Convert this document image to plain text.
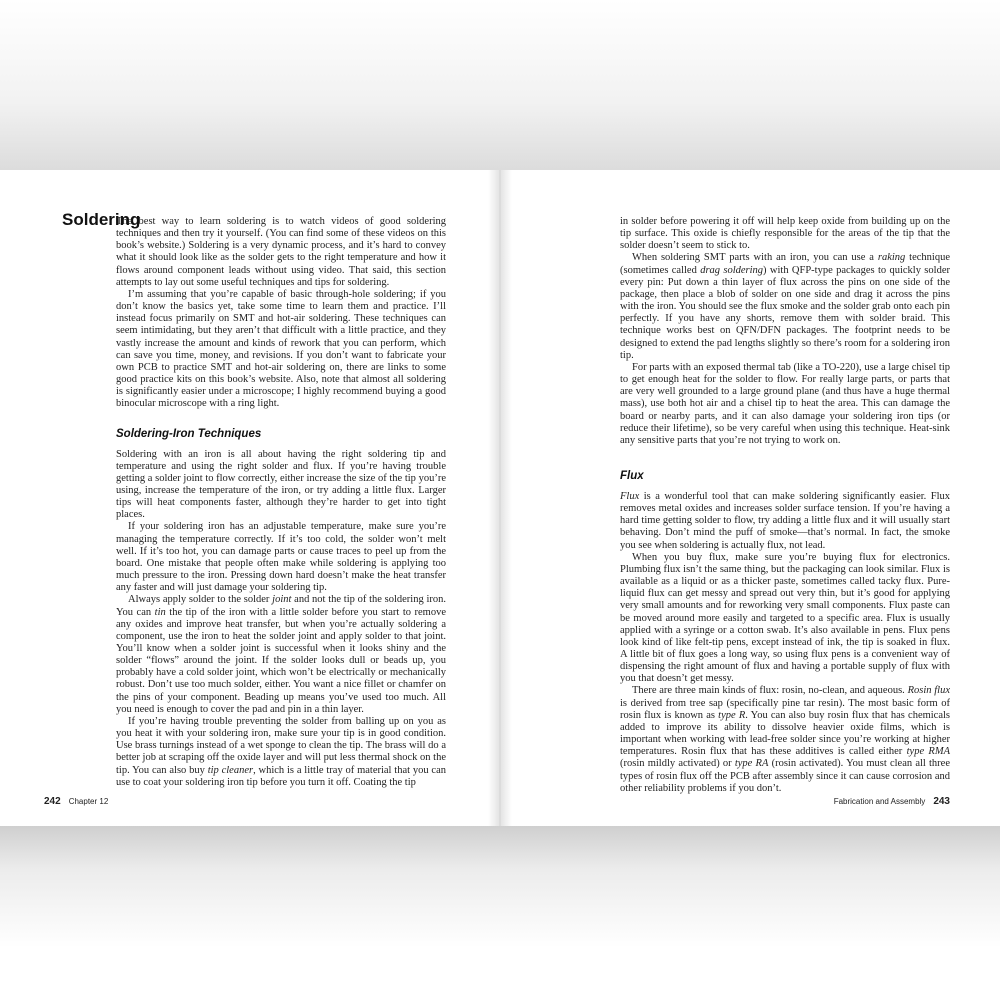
Soldering

The best way to learn soldering is to watch videos of good soldering techniques and then try it yourself. (You can find some of these videos on this book’s website.) Soldering is a very dynamic process, and it’s hard to convey what it should look like as the solder gets to the right temperature and how it flows around component leads without using video. That said, this section attempts to lay out some useful techniques and tips for soldering.

I’m assuming that you’re capable of basic through-hole soldering; if you don’t know the basics yet, take some time to learn them and practice. I’ll instead focus primarily on SMT and hot-air soldering. These techniques can seem intimidating, but they aren’t that difficult with a little practice, and they vastly increase the amount and kinds of rework that you can perform, which can save you time, money, and revisions. If you don’t want to fabricate your own PCB to practice SMT and hot-air soldering on, there are links to some good practice kits on this book’s website. Also, note that almost all soldering is significantly easier under a microscope; I highly recommend buying a good binocular microscope with a ring light.

Soldering-Iron Techniques

Soldering with an iron is all about having the right soldering tip and temperature and using the right solder and flux. If you’re having trouble getting a solder joint to flow correctly, either increase the size of the tip you’re using, increase the temperature of the iron, or try adding a little flux. Larger tips will heat components faster, although they’re harder to get into tight places.

If your soldering iron has an adjustable temperature, make sure you’re managing the temperature correctly. If it’s too cold, the solder won’t melt well. If it’s too hot, you can damage parts or cause traces to peel up from the board. One mistake that people often make while soldering is applying too much pressure to the iron. Pressing down hard doesn’t make the heat transfer any faster and will just damage your soldering tip.

Always apply solder to the solder joint and not the tip of the soldering iron. You can tin the tip of the iron with a little solder before you start to remove any oxides and improve heat transfer, but when you’re actually soldering a component, use the iron to heat the solder joint and apply solder to that joint. You’ll know when a solder joint is successful when it looks shiny and the solder “flows” around the joint. If the solder looks dull or beads up, you probably have a cold solder joint, which won’t be electrically or mechanically robust. Don’t use too much solder, either. You want a nice fillet or chamfer on the pins of your component. Beading up means you’ve used too much. All you need is enough to cover the pad and pin in a thin layer.

If you’re having trouble preventing the solder from balling up on you as you heat it with your soldering iron, make sure your tip is in good condition. Use brass turnings instead of a wet sponge to clean the tip. The brass will do a better job at scraping off the oxide layer and will put less thermal shock on the tip. You can also buy tip cleaner, which is a little tray of material that you can use to coat your soldering iron tip before you turn it off. Coating the tip

242 Chapter 12

in solder before powering it off will help keep oxide from building up on the tip surface. This oxide is chiefly responsible for the areas of the tip that the solder doesn’t seem to stick to.

When soldering SMT parts with an iron, you can use a raking technique (sometimes called drag soldering) with QFP-type packages to quickly solder every pin: Put down a thin layer of flux across the pins on one side of the package, then place a blob of solder on one side and drag it across the pins with the iron. You should see the flux smoke and the solder grab onto each pin perfectly. If you have any shorts, remove them with solder braid. This technique works best on QFN/DFN packages. The footprint needs to be designed to extend the pad lengths slightly so there’s room for a soldering iron tip.

For parts with an exposed thermal tab (like a TO-220), use a large chisel tip to get enough heat for the solder to flow. For really large parts, or parts that are very well grounded to a large ground plane (and thus have a huge thermal mass), use both hot air and a chisel tip to heat the area. This can damage the board or nearby parts, and it can also damage your soldering iron tips (or reduce their lifetime), so be very careful when using this technique. Heat-sink any sensitive parts that you’re not trying to work on.

Flux

Flux is a wonderful tool that can make soldering significantly easier. Flux removes metal oxides and increases solder surface tension. If you’re having a hard time getting solder to flow, try adding a little flux and it will usually start behaving. Don’t mind the puff of smoke—that’s normal. In fact, the smoke you see when soldering is actually flux, not lead.

When you buy flux, make sure you’re buying flux for electronics. Plumbing flux isn’t the same thing, but the packaging can look similar. Flux is available as a liquid or as a thicker paste, sometimes called tacky flux. Pure-liquid flux can get messy and spread out very thin, but it’s good for applying very small amounts and for reworking very small components. Flux paste can be moved around more easily and targeted to a specific area. Flux is usually applied with a syringe or a cotton swab. It’s also available in pens. Flux pens look kind of like felt-tip pens, except instead of ink, the tip is soaked in flux. A little bit of flux goes a long way, so using flux pens is a convenient way of dispensing the right amount of flux and having a portable supply of flux with you that doesn’t get messy.

There are three main kinds of flux: rosin, no-clean, and aqueous. Rosin flux is derived from tree sap (specifically pine tar resin). The most basic form of rosin flux is known as type R. You can also buy rosin flux that has chemicals added to improve its ability to dissolve heavier oxide films, which is important when working with lead-free solder since you’re working at higher temperatures. Rosin flux that has these additives is called either type RMA (rosin mildly activated) or type RA (rosin activated). You must clean all three types of rosin flux off the PCB after assembly since it can cause corrosion and other reliability problems if you don’t.

Fabrication and Assembly 243
